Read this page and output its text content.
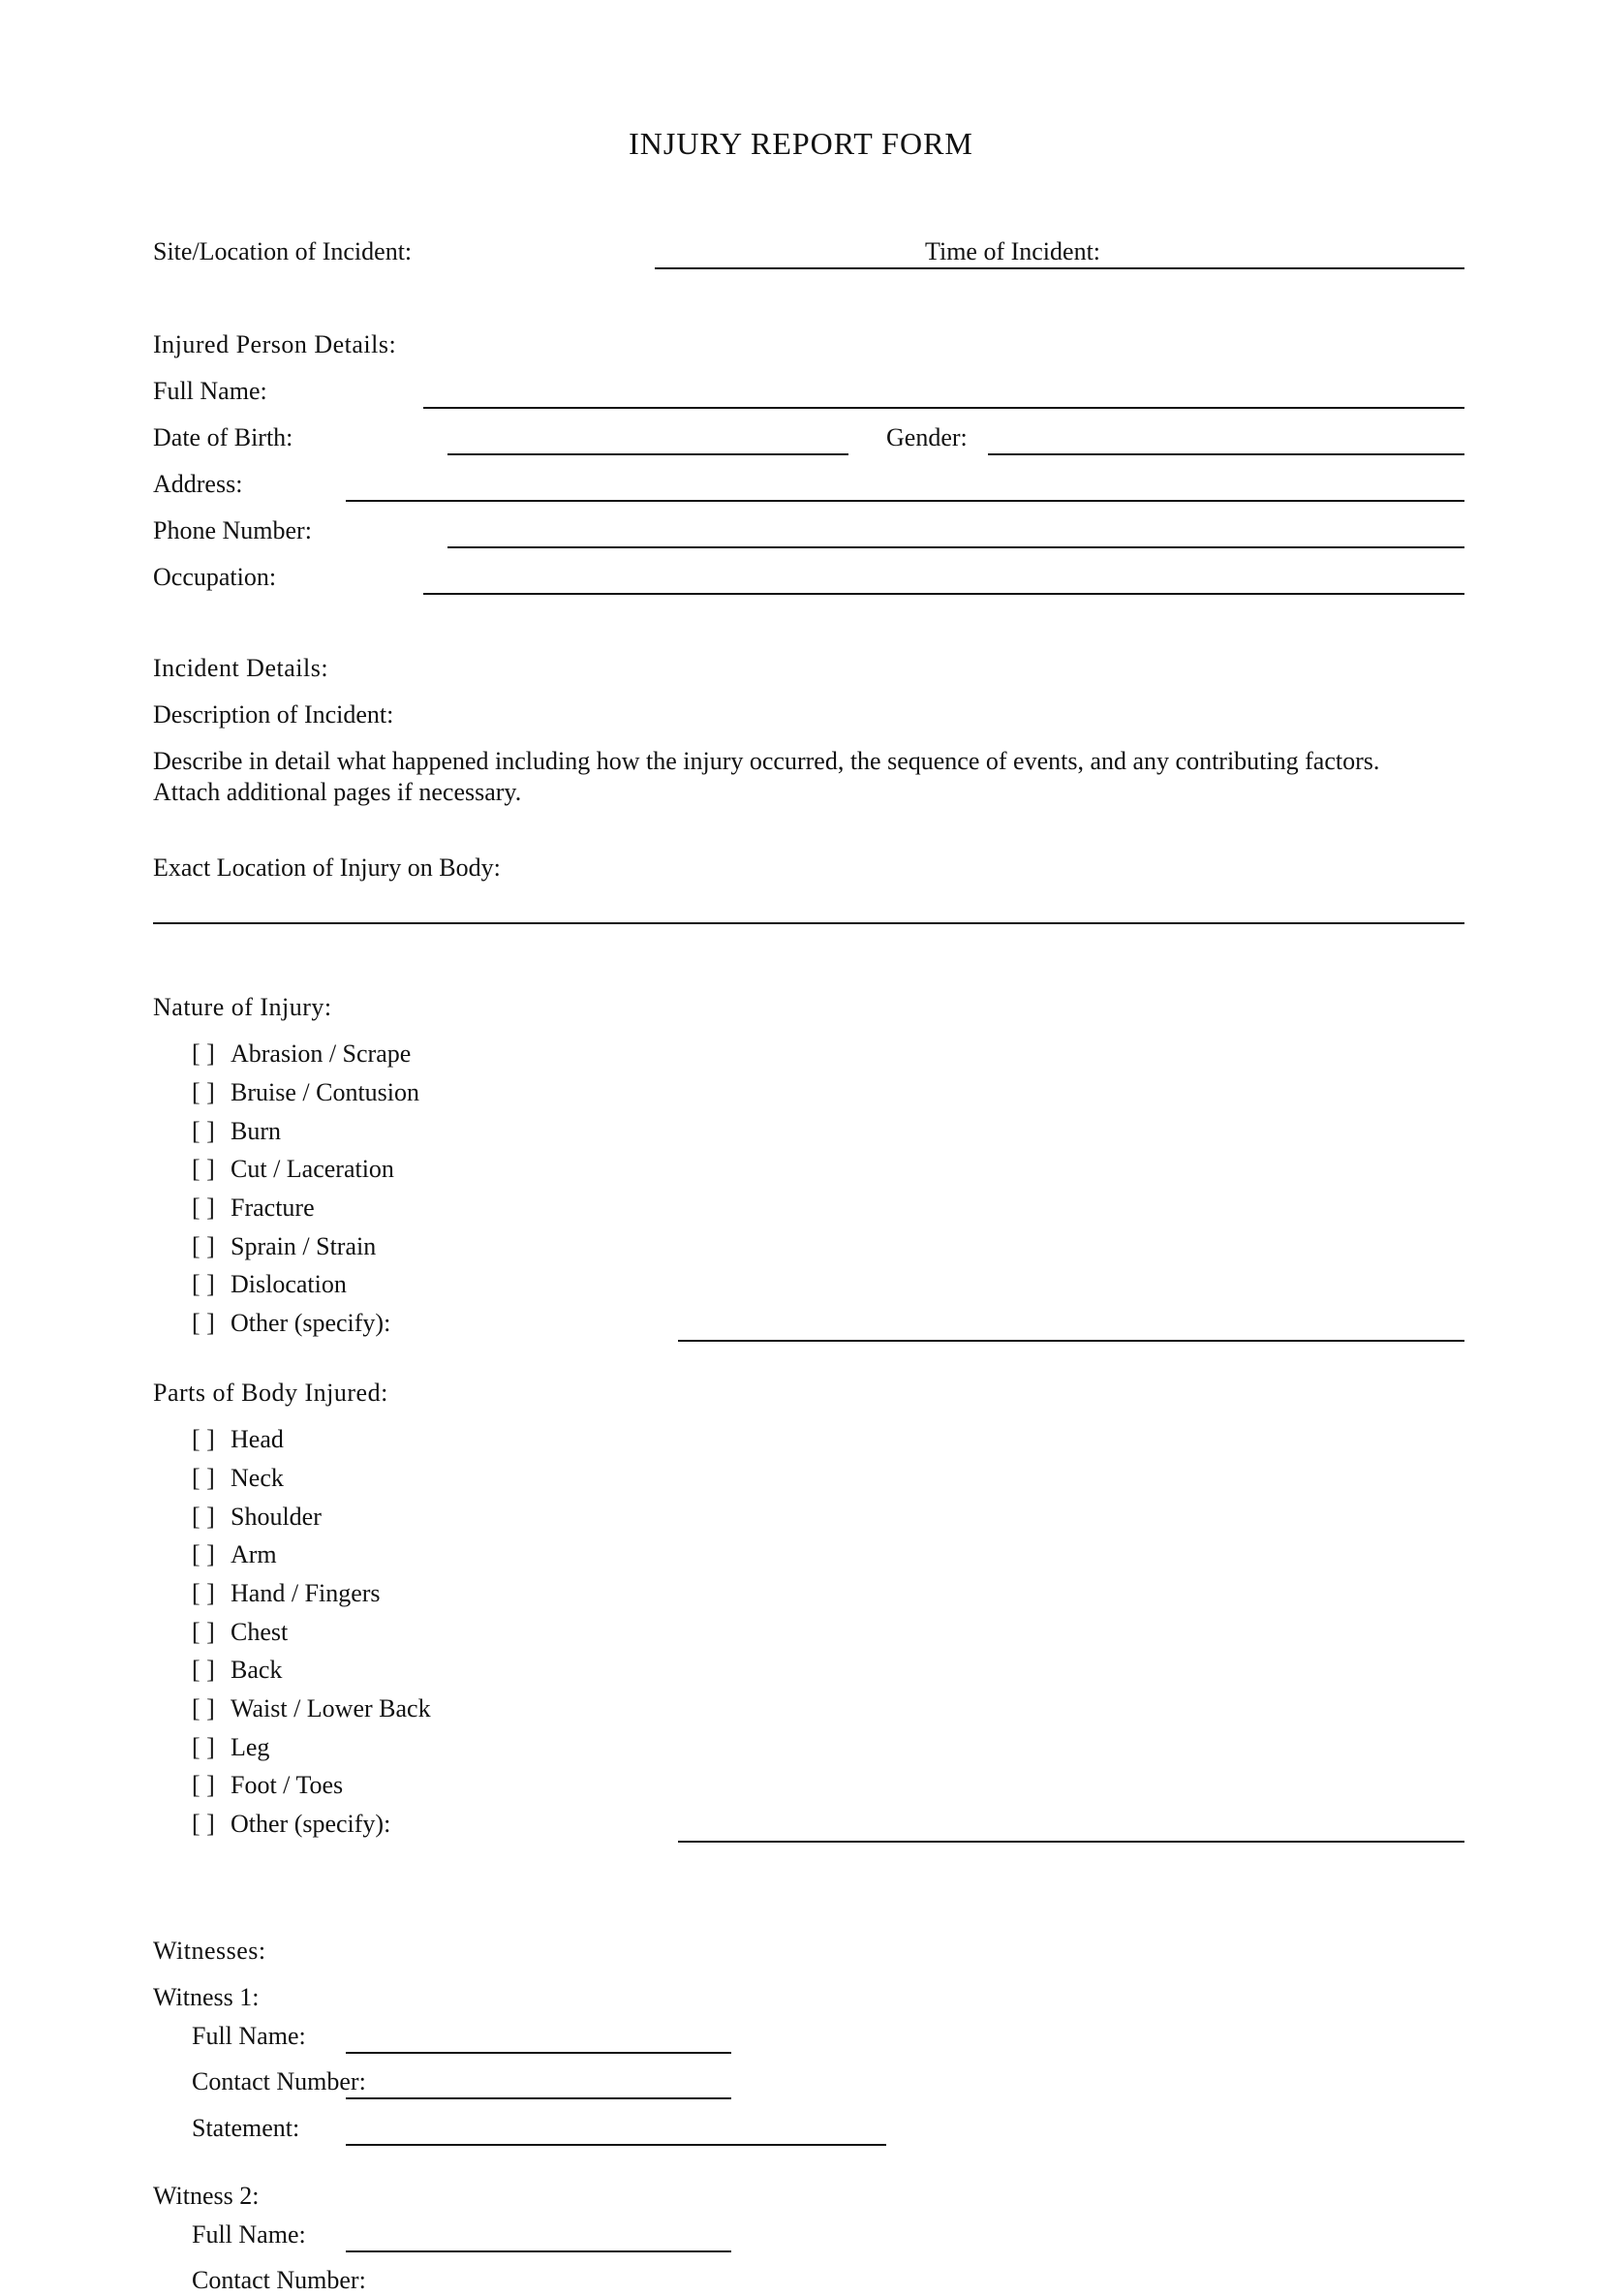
INJURY REPORT FORM
Site/Location of Incident:	Time of Incident:
Injured Person Details:
Full Name:
Date of Birth:	Gender:
Address:
Phone Number:
Occupation:
Incident Details:
Description of Incident:
Describe in detail what happened including how the injury occurred, the sequence of events, and any contributing factors. Attach additional pages if necessary.
Exact Location of Injury on Body:
Nature of Injury:
[ ] Abrasion / Scrape
[ ] Bruise / Contusion
[ ] Burn
[ ] Cut / Laceration
[ ] Fracture
[ ] Sprain / Strain
[ ] Dislocation
[ ] Other (specify):
Parts of Body Injured:
[ ] Head
[ ] Neck
[ ] Shoulder
[ ] Arm
[ ] Hand / Fingers
[ ] Chest
[ ] Back
[ ] Waist / Lower Back
[ ] Leg
[ ] Foot / Toes
[ ] Other (specify):
Witnesses:
Witness 1:
Full Name:
Contact Number:
Statement:
Witness 2:
Full Name:
Contact Number:
